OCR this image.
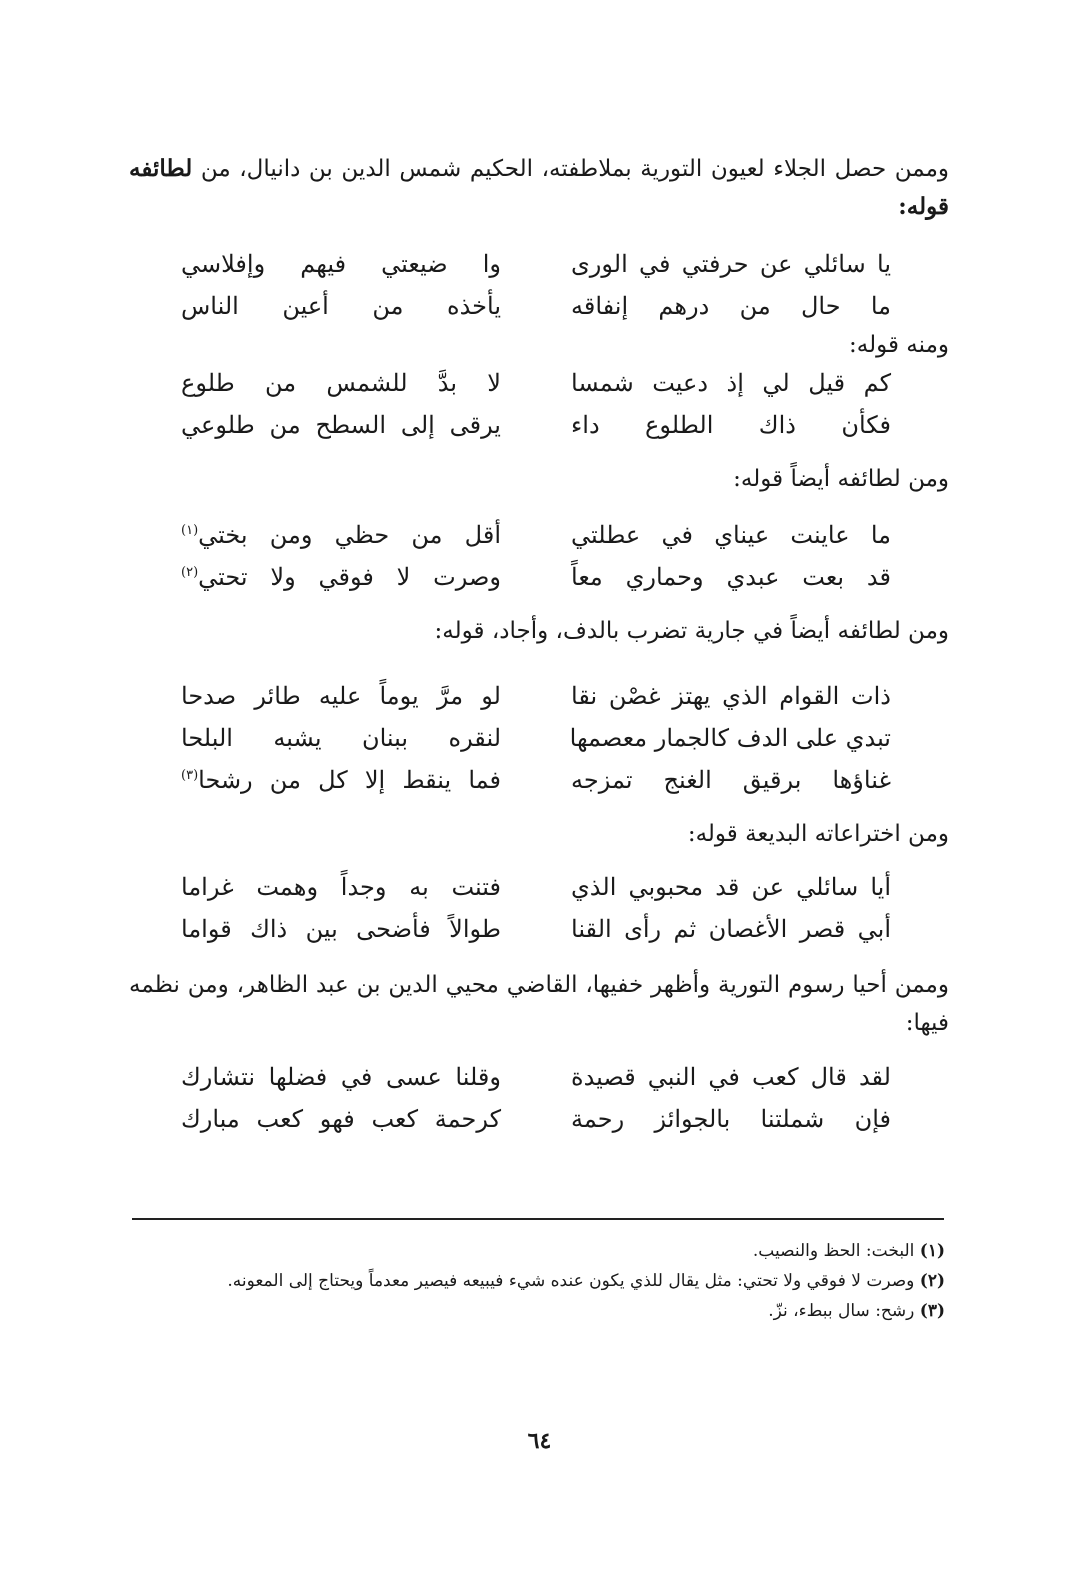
وممن حصل الجلاء لعيون التورية بملاطفته، الحكيم شمس الدين بن دانيال، من لطائفه قوله:
يا سائلي عن حرفتي في الورى
وا ضيعتي فيهم وإفلاسي
ما حال من درهم إنفاقه
يأخذه من أعين الناس
ومنه قوله:
كم قيل لي إذ دعيت شمسا
لا بدَّ للشمس من طلوع
فكأن ذاك الطلوع داء
يرقى إلى السطح من طلوعي
ومن لطائفه أيضاً قوله:
ما عاينت عيناي في عطلتي
أقل من حظي ومن بختي$^{(١)}$
قد بعت عبدي وحماري معاً
وصرت لا فوقي ولا تحتي$^{(٢)}$
ومن لطائفه أيضاً في جارية تضرب بالدف، وأجاد، قوله:
ذات القوام الذي يهتز غصْن نقا
لو مرَّ يوماً عليه طائر صدحا
تبدي على الدف كالجمار معصمها
لنقره ببنان يشبه البلحا
غناؤها برقيق الغنج تمزجه
فما ينقط إلا كل من رشحا$^{(٣)}$
ومن اختراعاته البديعة قوله:
أيا سائلي عن قد محبوبي الذي
فتنت به وجداً وهمت غراما
أبي قصر الأغصان ثم رأى القنا
طوالاً فأضحى بين ذاك قواما
وممن أحيا رسوم التورية وأظهر خفيها، القاضي محيي الدين بن عبد الظاهر، ومن نظمه فيها:
لقد قال كعب في النبي قصيدة
وقلنا عسى في فضلها نتشارك
فإن شملتنا بالجوائز رحمة
كرحمة كعب فهو كعب مبارك

(١) البخت: الحظ والنصيب.

(٢) وصرت لا فوقي ولا تحتي: مثل يقال للذي يكون عنده شيء فيبيعه فيصير معدماً ويحتاج إلى المعونه.

(٣) رشح: سال ببطء، نزّ.

٦٤
